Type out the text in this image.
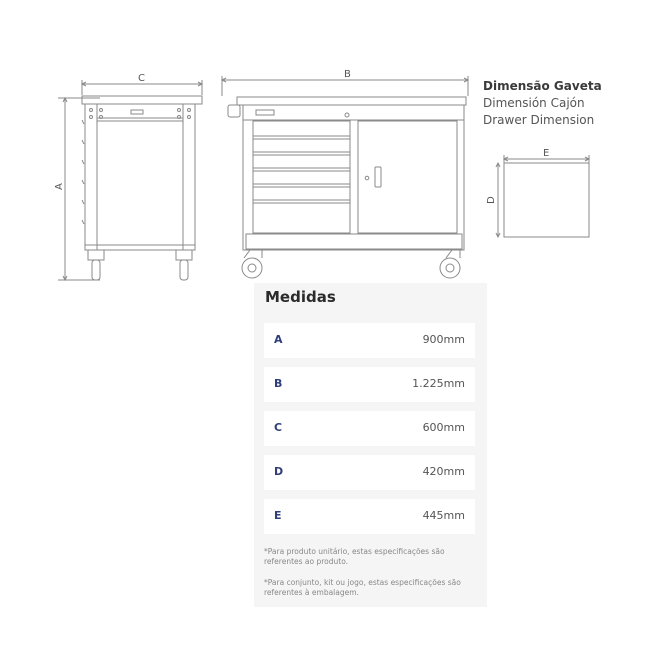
C	B
E
A
D
Dimensão Gaveta
Dimensión Cajón
Drawer Dimension
Medidas
A	900mm
B	1.225mm
C	600mm
D	420mm
E	445mm
*Para produto unitário, estas especificações são referentes ao produto.
*Para conjunto, kit ou jogo, estas especificações são referentes à embalagem.
